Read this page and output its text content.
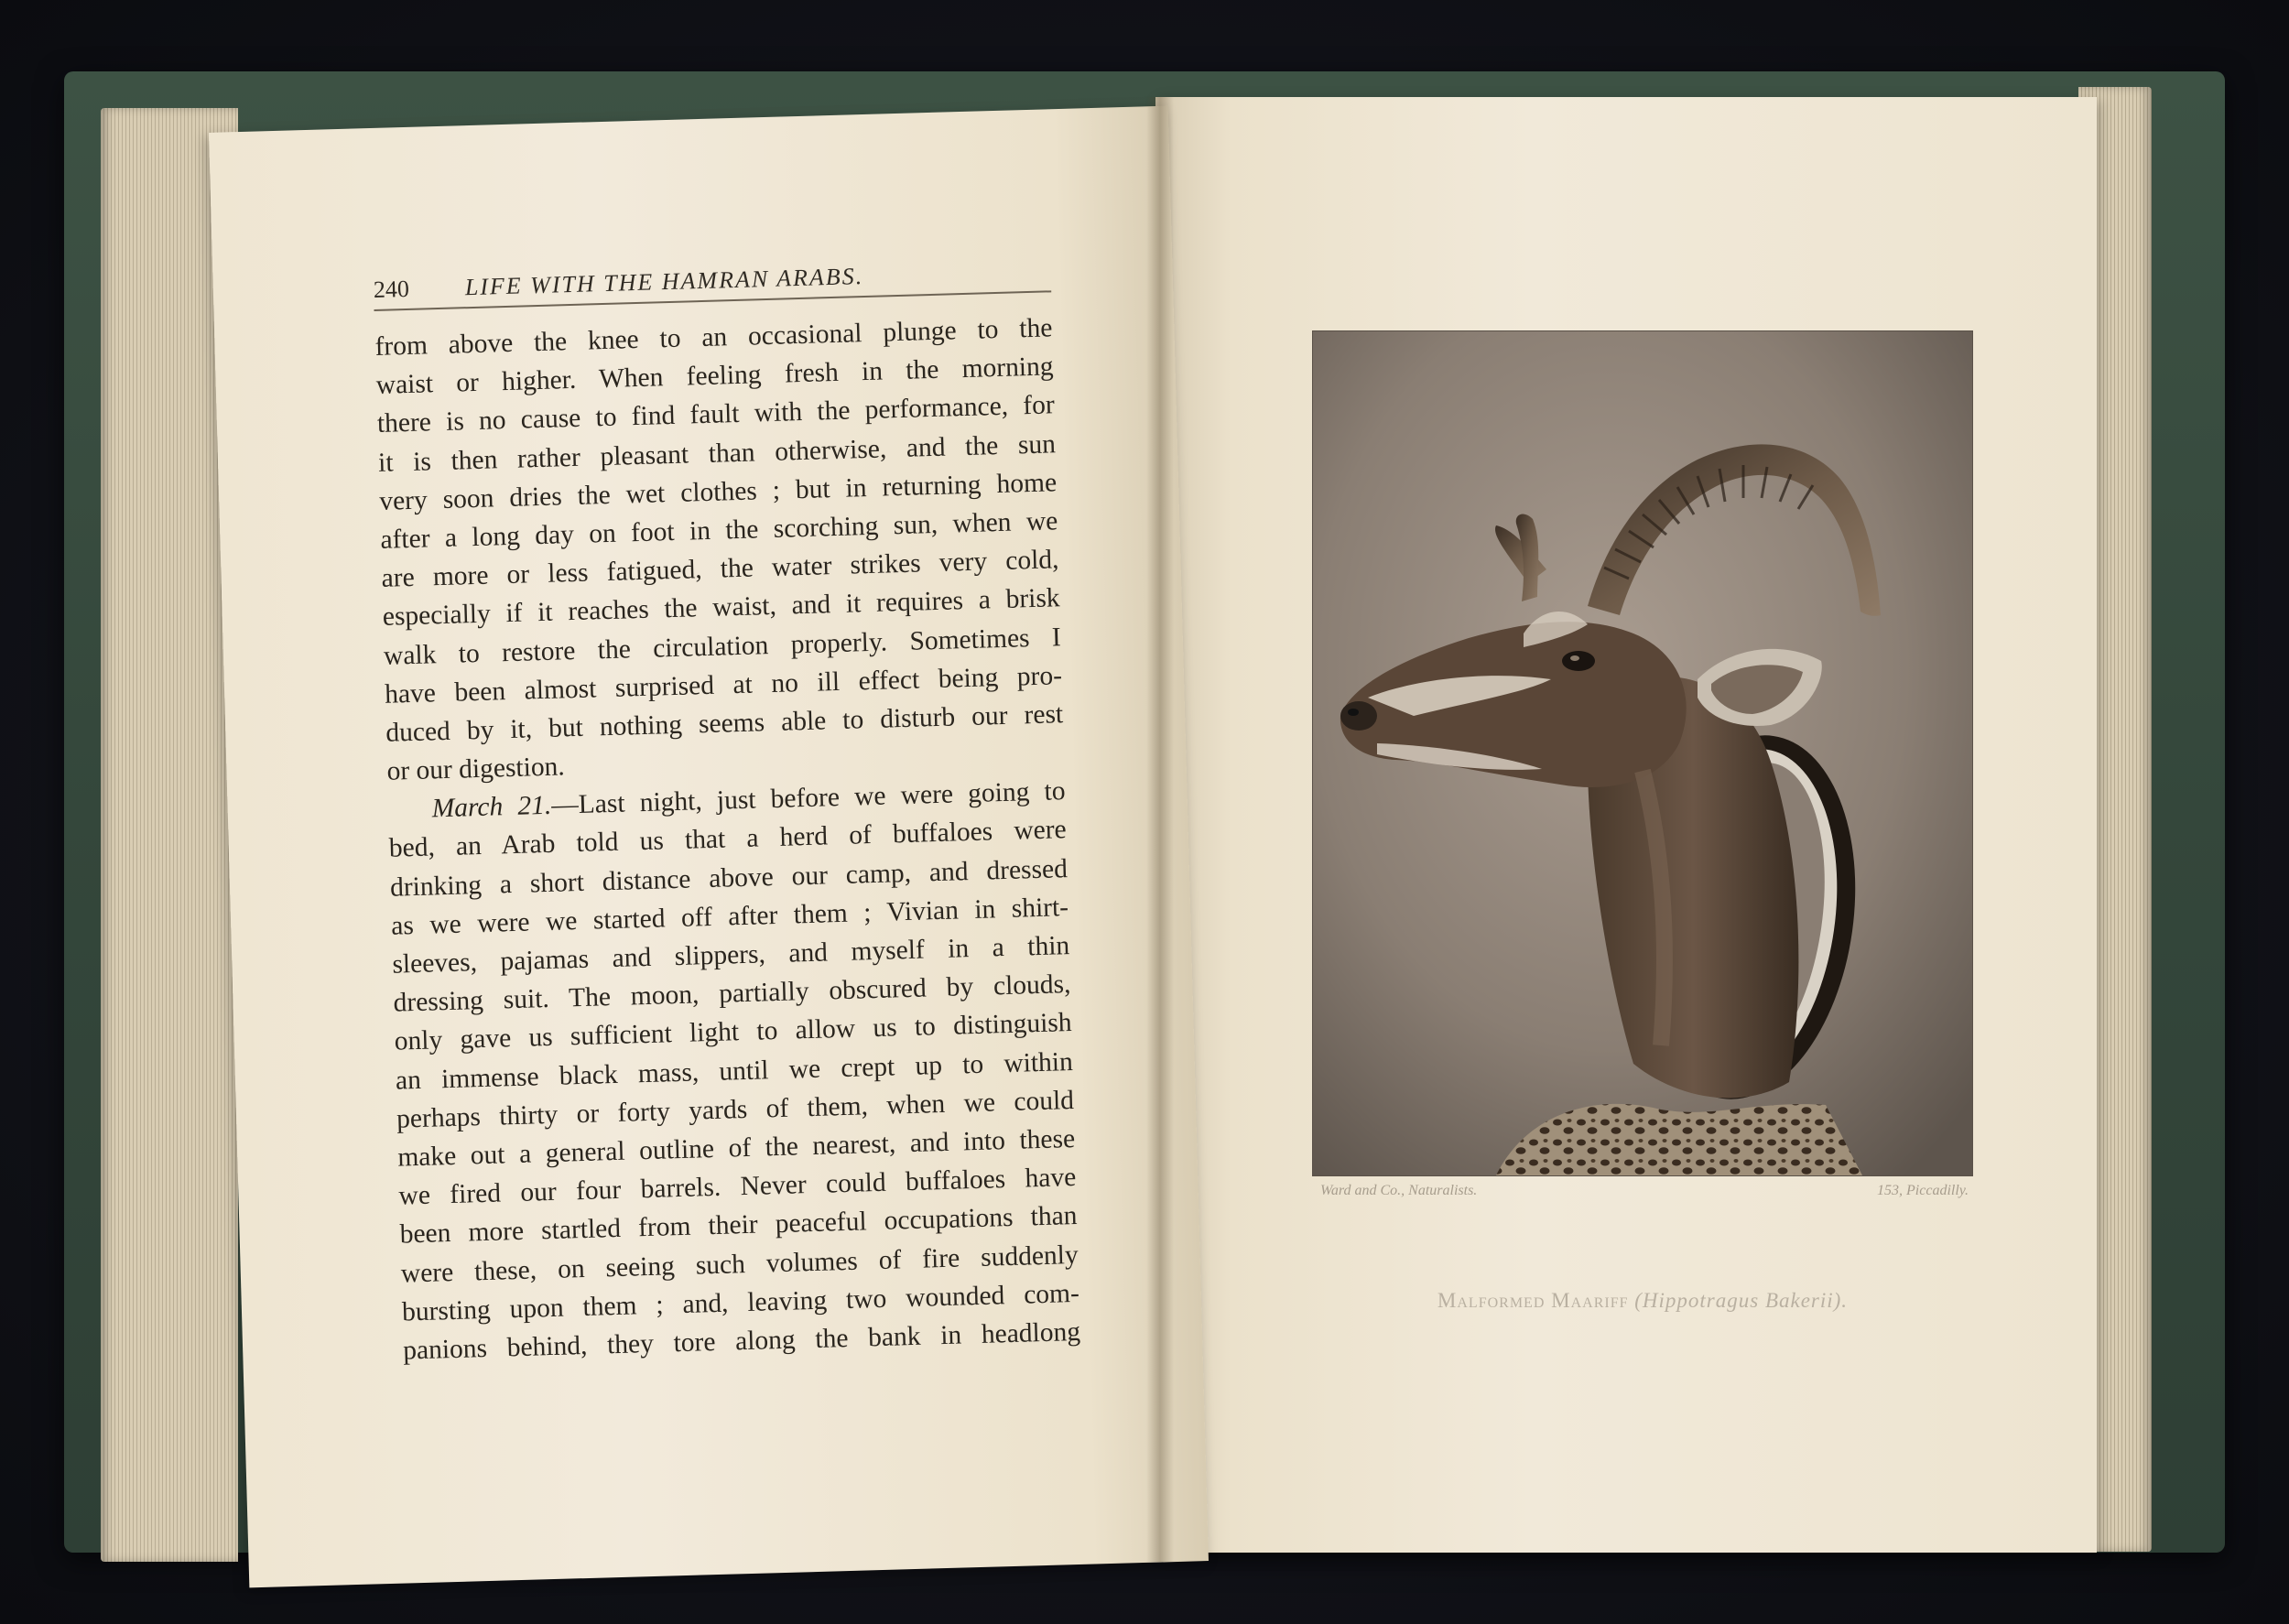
240	LIFE WITH THE HAMRAN ARABS.
from above the knee to an occasional plunge to the
waist or higher. When feeling fresh in the morning
there is no cause to find fault with the performance, for
it is then rather pleasant than otherwise, and the sun
very soon dries the wet clothes ; but in returning home
after a long day on foot in the scorching sun, when we
are more or less fatigued, the water strikes very cold,
especially if it reaches the waist, and it requires a brisk
walk to restore the circulation properly. Sometimes I
have been almost surprised at no ill effect being pro-
duced by it, but nothing seems able to disturb our rest
or our digestion.
March 21.—Last night, just before we were going to
bed, an Arab told us that a herd of buffaloes were
drinking a short distance above our camp, and dressed
as we were we started off after them ; Vivian in shirt-
sleeves, pajamas and slippers, and myself in a thin
dressing suit. The moon, partially obscured by clouds,
only gave us sufficient light to allow us to distinguish
an immense black mass, until we crept up to within
perhaps thirty or forty yards of them, when we could
make out a general outline of the nearest, and into these
we fired our four barrels. Never could buffaloes have
been more startled from their peaceful occupations than
were these, on seeing such volumes of fire suddenly
bursting upon them ; and, leaving two wounded com-
panions behind, they tore along the bank in headlong
Ward and Co., Naturalists.	153, Piccadilly.
Malformed Maariff (Hippotragus Bakerii).
